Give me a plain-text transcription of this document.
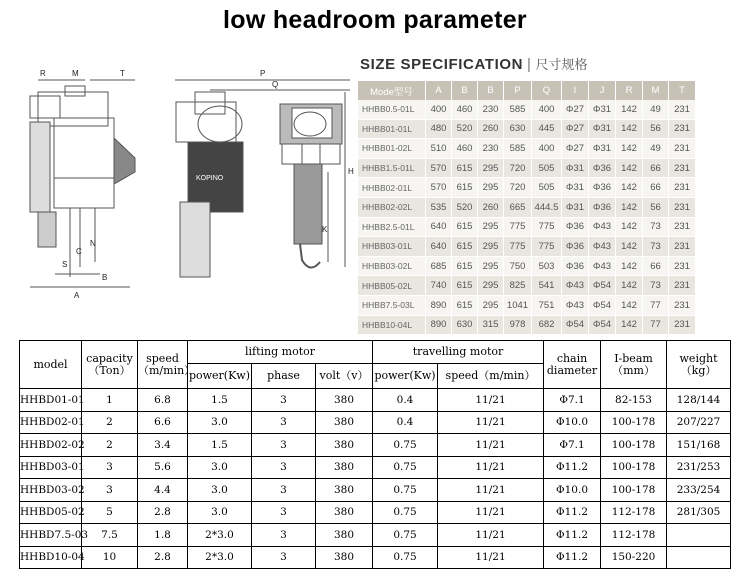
low headroom parameter
R	M	T	P
Q
H
C
S
A
B
N
K
KOPINO
SIZE SPECIFICATION | 尺寸规格
Mode型号	A	B	B	P	Q	I	J	R	M	T
HHBB0.5-01L	400	460	230	585	400	Φ27	Φ31	142	49	231
HHBB01-01L	480	520	260	630	445	Φ27	Φ31	142	56	231
HHBB01-02L	510	460	230	585	400	Φ27	Φ31	142	49	231
HHBB1.5-01L	570	615	295	720	505	Φ31	Φ36	142	66	231
HHBB02-01L	570	615	295	720	505	Φ31	Φ36	142	66	231
HHBB02-02L	535	520	260	665	444.5	Φ31	Φ36	142	56	231
HHBB2.5-01L	640	615	295	775	775	Φ36	Φ43	142	73	231
HHBB03-01L	640	615	295	775	775	Φ36	Φ43	142	73	231
HHBB03-02L	685	615	295	750	503	Φ36	Φ43	142	66	231
HHBB05-02L	740	615	295	825	541	Φ43	Φ54	142	73	231
HHBB7.5-03L	890	615	295	1041	751	Φ43	Φ54	142	77	231
HHBB10-04L	890	630	315	978	682	Φ54	Φ54	142	77	231
model	capacity（Ton）	speed（m/min）	lifting motor			travelling motor		chain diameter	I-beam（mm）	weight（kg）
			power(Kw)	phase	volt（v）	power(Kw)	speed（m/min）			
HHBD01-01	1	6.8	1.5	3	380	0.4	11/21	Φ7.1	82-153	128/144
HHBD02-01	2	6.6	3.0	3	380	0.4	11/21	Φ10.0	100-178	207/227
HHBD02-02	2	3.4	1.5	3	380	0.75	11/21	Φ7.1	100-178	151/168
HHBD03-01	3	5.6	3.0	3	380	0.75	11/21	Φ11.2	100-178	231/253
HHBD03-02	3	4.4	3.0	3	380	0.75	11/21	Φ10.0	100-178	233/254
HHBD05-02	5	2.8	3.0	3	380	0.75	11/21	Φ11.2	112-178	281/305
HHBD7.5-03	7.5	1.8	2*3.0	3	380	0.75	11/21	Φ11.2	112-178	
HHBD10-04	10	2.8	2*3.0	3	380	0.75	11/21	Φ11.2	150-220	
